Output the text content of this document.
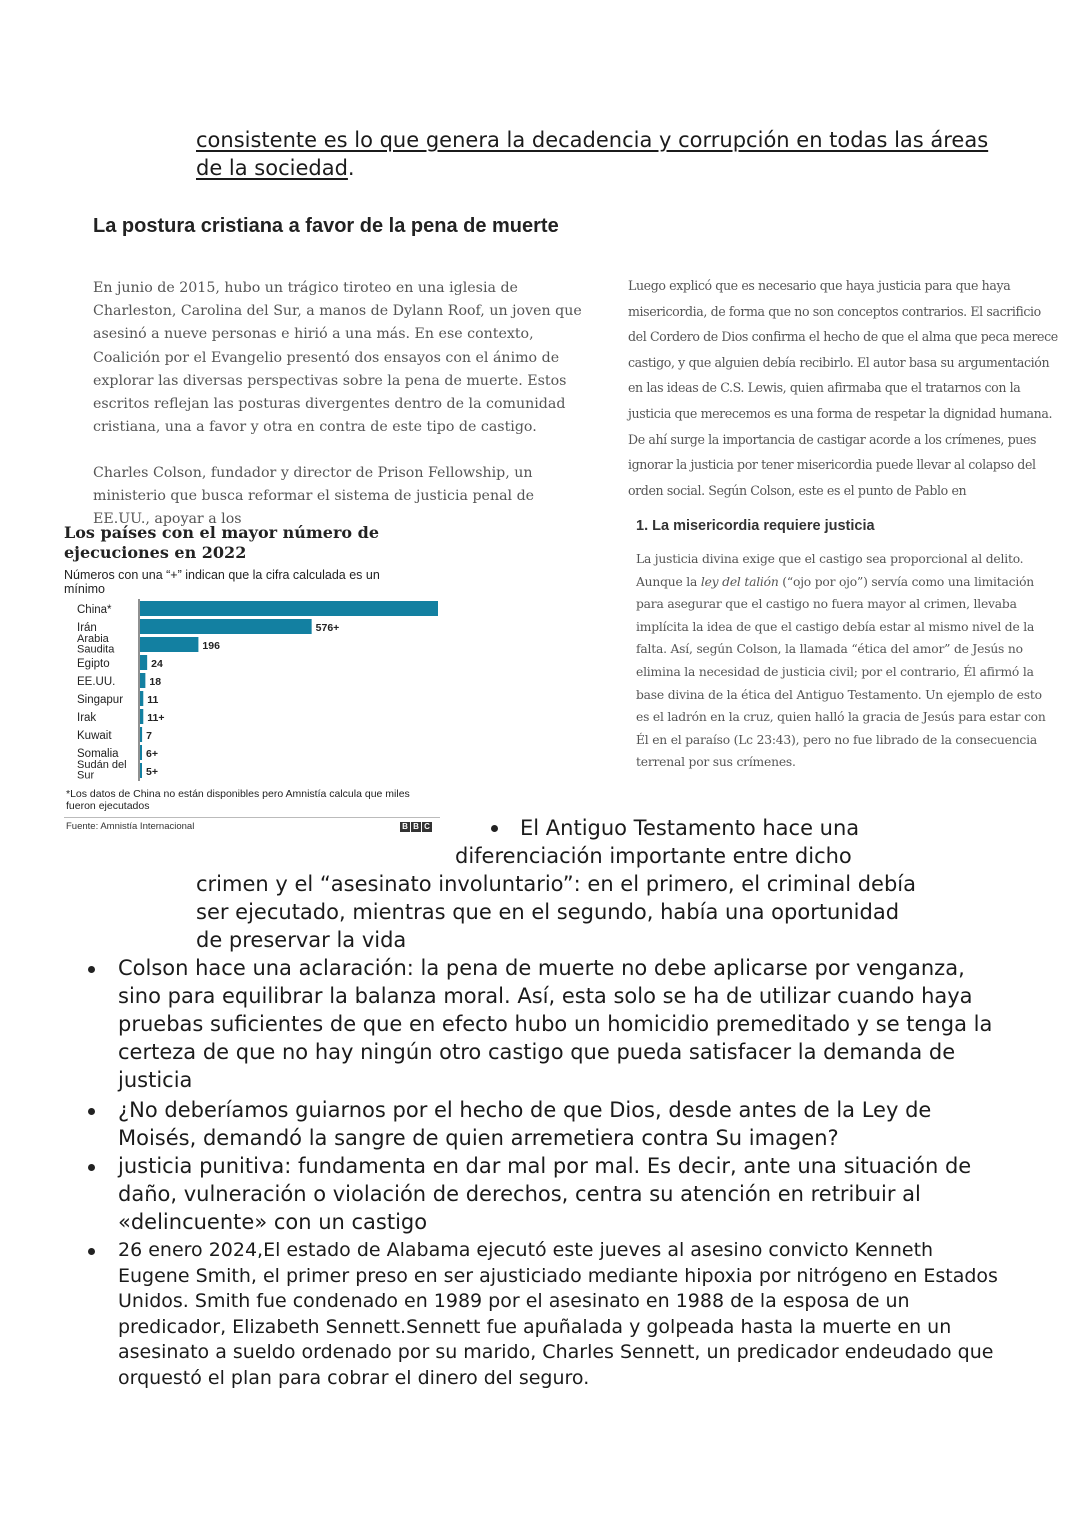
consistente es lo que genera la decadencia y corrupción en todas las áreas de la sociedad.
La postura cristiana a favor de la pena de muerte
En junio de 2015, hubo un trágico tiroteo en una iglesia de Charleston, Carolina del Sur, a manos de Dylann Roof, un joven que asesinó a nueve personas e hirió a una más. En ese contexto, Coalición por el Evangelio presentó dos ensayos con el ánimo de explorar las diversas perspectivas sobre la pena de muerte. Estos escritos reflejan las posturas divergentes dentro de la comunidad cristiana, una a favor y otra en contra de este tipo de castigo.
Charles Colson, fundador y director de Prison Fellowship, un ministerio que busca reformar el sistema de justicia penal de EE.UU., apoyar a los
Luego explicó que es necesario que haya justicia para que haya misericordia, de forma que no son conceptos contrarios. El sacrificio del Cordero de Dios confirma el hecho de que el alma que peca merece castigo, y que alguien debía recibirlo. El autor basa su argumentación en las ideas de C.S. Lewis, quien afirmaba que el tratarnos con la justicia que merecemos es una forma de respetar la dignidad humana. De ahí surge la importancia de castigar acorde a los crímenes, pues ignorar la justicia por tener misericordia puede llevar al colapso del orden social. Según Colson, este es el punto de Pablo en
1. La misericordia requiere justicia
La justicia divina exige que el castigo sea proporcional al delito. Aunque la ley del talión (“ojo por ojo”) servía como una limitación para asegurar que el castigo no fuera mayor al crimen, llevaba implícita la idea de que el castigo debía estar al mismo nivel de la falta. Así, según Colson, la llamada “ética del amor” de Jesús no elimina la necesidad de justicia civil; por el contrario, Él afirmó la base divina de la ética del Antiguo Testamento. Un ejemplo de esto es el ladrón en la cruz, quien halló la gracia de Jesús para estar con Él en el paraíso (Lc 23:43), pero no fue librado de la consecuencia terrenal por sus crímenes.
Los países con el mayor número de ejecuciones en 2022
Números con una “+” indican que la cifra calculada es un mínimo
China*
Irán	576+
Arabia Saudita	196
Egipto	24
EE.UU.	18
Singapur 11
Irak	11+
Kuwait	7
Somalia	6+
Sudán del Sur	5+
*Los datos de China no están disponibles pero Amnistía calcula que miles fueron ejecutados
Fuente: Amnistía Internacional	B B C	El Antiguo Testamento hace una
diferenciación importante entre dicho
crimen y el “asesinato involuntario”: en el primero, el criminal debía ser ejecutado, mientras que en el segundo, había una oportunidad de preservar la vida
Colson hace una aclaración: la pena de muerte no debe aplicarse por venganza, sino para equilibrar la balanza moral. Así, esta solo se ha de utilizar cuando haya pruebas suficientes de que en efecto hubo un homicidio premeditado y se tenga la certeza de que no hay ningún otro castigo que pueda satisfacer la demanda de justicia
¿No deberíamos guiarnos por el hecho de que Dios, desde antes de la Ley de Moisés, demandó la sangre de quien arremetiera contra Su imagen?
justicia punitiva: fundamenta en dar mal por mal. Es decir, ante una situación de daño, vulneración o violación de derechos, centra su atención en retribuir al «delincuente» con un castigo
26 enero 2024,El estado de Alabama ejecutó este jueves al asesino convicto Kenneth Eugene Smith, el primer preso en ser ajusticiado mediante hipoxia por nitrógeno en Estados Unidos. Smith fue condenado en 1989 por el asesinato en 1988 de la esposa de un predicador, Elizabeth Sennett.Sennett fue apuñalada y golpeada hasta la muerte en un asesinato a sueldo ordenado por su marido, Charles Sennett, un predicador endeudado que orquestó el plan para cobrar el dinero del seguro.
